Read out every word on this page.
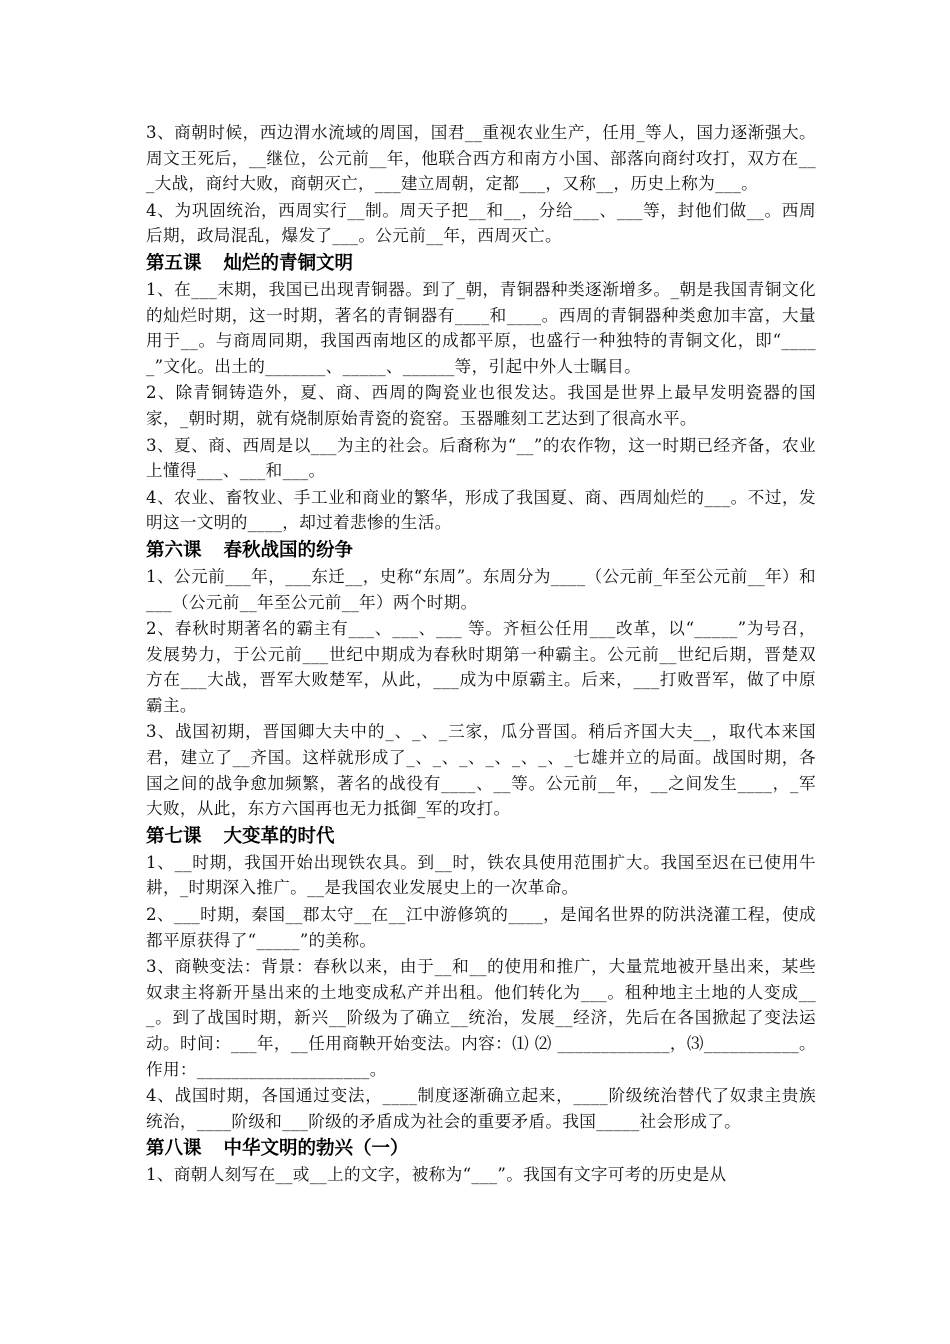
3、商朝时候，西边渭水流域的周国，国君__重视农业生产，任用_等人，国力逐渐强大。周文王死后，__继位，公元前__年，他联合西方和南方小国、部落向商纣攻打，双方在___大战，商纣大败，商朝灭亡，___建立周朝，定都___，又称__，历史上称为___。
4、为巩固统治，西周实行__制。周天子把__和__，分给___、___等，封他们做__。西周后期，政局混乱，爆发了___。公元前__年，西周灭亡。
第五课 灿烂的青铜文明
1、在___末期，我国已出现青铜器。到了_朝，青铜器种类逐渐增多。_朝是我国青铜文化的灿烂时期，这一时期，著名的青铜器有____和____。西周的青铜器种类愈加丰富，大量用于__。与商周同期，我国西南地区的成都平原，也盛行一种独特的青铜文化，即“_____”文化。出土的_______、_____、______等，引起中外人士瞩目。
2、除青铜铸造外，夏、商、西周的陶瓷业也很发达。我国是世界上最早发明瓷器的国家，_朝时期，就有烧制原始青瓷的瓷窑。玉器雕刻工艺达到了很高水平。
3、夏、商、西周是以___为主的社会。后裔称为“__”的农作物，这一时期已经齐备，农业上懂得___、___和___。
4、农业、畜牧业、手工业和商业的繁华，形成了我国夏、商、西周灿烂的___。不过，发明这一文明的____，却过着悲惨的生活。
第六课 春秋战国的纷争
1、公元前___年，___东迁__，史称“东周”。东周分为____（公元前_年至公元前__年）和___（公元前__年至公元前__年）两个时期。
2、春秋时期著名的霸主有___、___、___ 等。齐桓公任用___改革，以“_____”为号召，发展势力，于公元前___世纪中期成为春秋时期第一种霸主。公元前__世纪后期，晋楚双方在___大战，晋军大败楚军，从此，___成为中原霸主。后来，___打败晋军，做了中原霸主。
3、战国初期，晋国卿大夫中的_、_、_三家，瓜分晋国。稍后齐国大夫__，取代本来国君，建立了__齐国。这样就形成了_、_、_、_、_、_、_七雄并立的局面。战国时期，各国之间的战争愈加频繁，著名的战役有____、__等。公元前__年，__之间发生____，_军大败，从此，东方六国再也无力抵御_军的攻打。
第七课 大变革的时代
1、__时期，我国开始出现铁农具。到__时，铁农具使用范围扩大。我国至迟在已使用牛耕，_时期深入推广。__是我国农业发展史上的一次革命。
2、___时期，秦国__郡太守__在__江中游修筑的____，是闻名世界的防洪浇灌工程，使成都平原获得了“_____”的美称。
3、商鞅变法：背景：春秋以来，由于__和__的使用和推广，大量荒地被开垦出来，某些奴隶主将新开垦出来的土地变成私产并出租。他们转化为___。租种地主土地的人变成___。到了战国时期，新兴__阶级为了确立__统治，发展__经济，先后在各国掀起了变法运动。时间：___年，__任用商鞅开始变法。内容：⑴ ⑵ _____________，⑶___________。作用：____________________。
4、战国时期，各国通过变法，____制度逐渐确立起来，____阶级统治替代了奴隶主贵族统治，____阶级和___阶级的矛盾成为社会的重要矛盾。我国_____社会形成了。
第八课 中华文明的勃兴（一）
1、商朝人刻写在__或__上的文字，被称为“___”。我国有文字可考的历史是从
